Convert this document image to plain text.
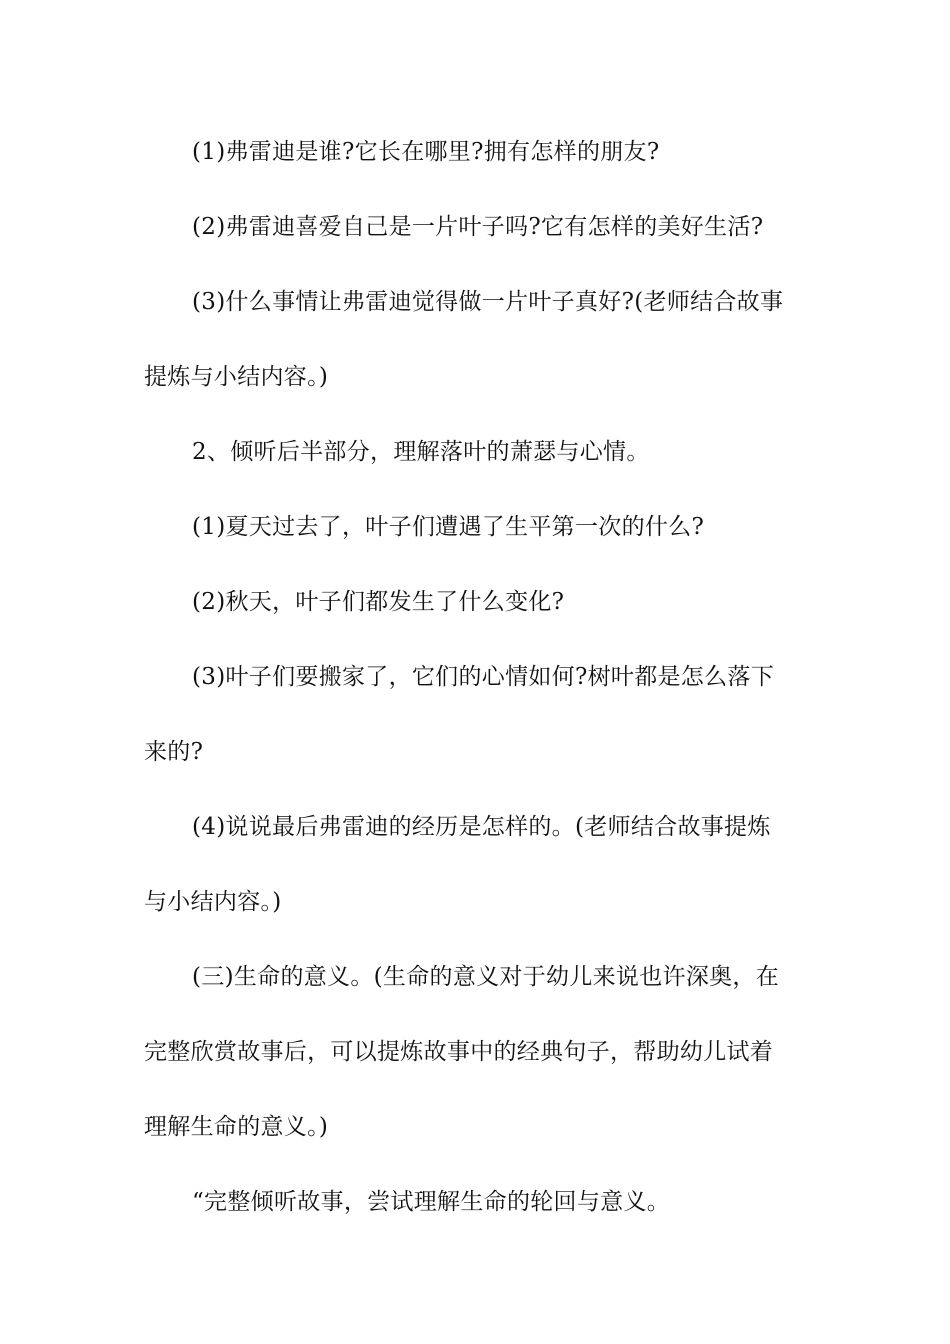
(1)弗雷迪是谁?它长在哪里?拥有怎样的朋友?
(2)弗雷迪喜爱自己是一片叶子吗?它有怎样的美好生活?
(3)什么事情让弗雷迪觉得做一片叶子真好?(老师结合故事
提炼与小结内容。)
2、倾听后半部分，理解落叶的萧瑟与心情。
(1)夏天过去了，叶子们遭遇了生平第一次的什么?
(2)秋天，叶子们都发生了什么变化?
(3)叶子们要搬家了，它们的心情如何?树叶都是怎么落下
来的?
(4)说说最后弗雷迪的经历是怎样的。(老师结合故事提炼
与小结内容。)
(三)生命的意义。(生命的意义对于幼儿来说也许深奥，在
完整欣赏故事后，可以提炼故事中的经典句子，帮助幼儿试着
理解生命的意义。)
“完整倾听故事，尝试理解生命的轮回与意义。
